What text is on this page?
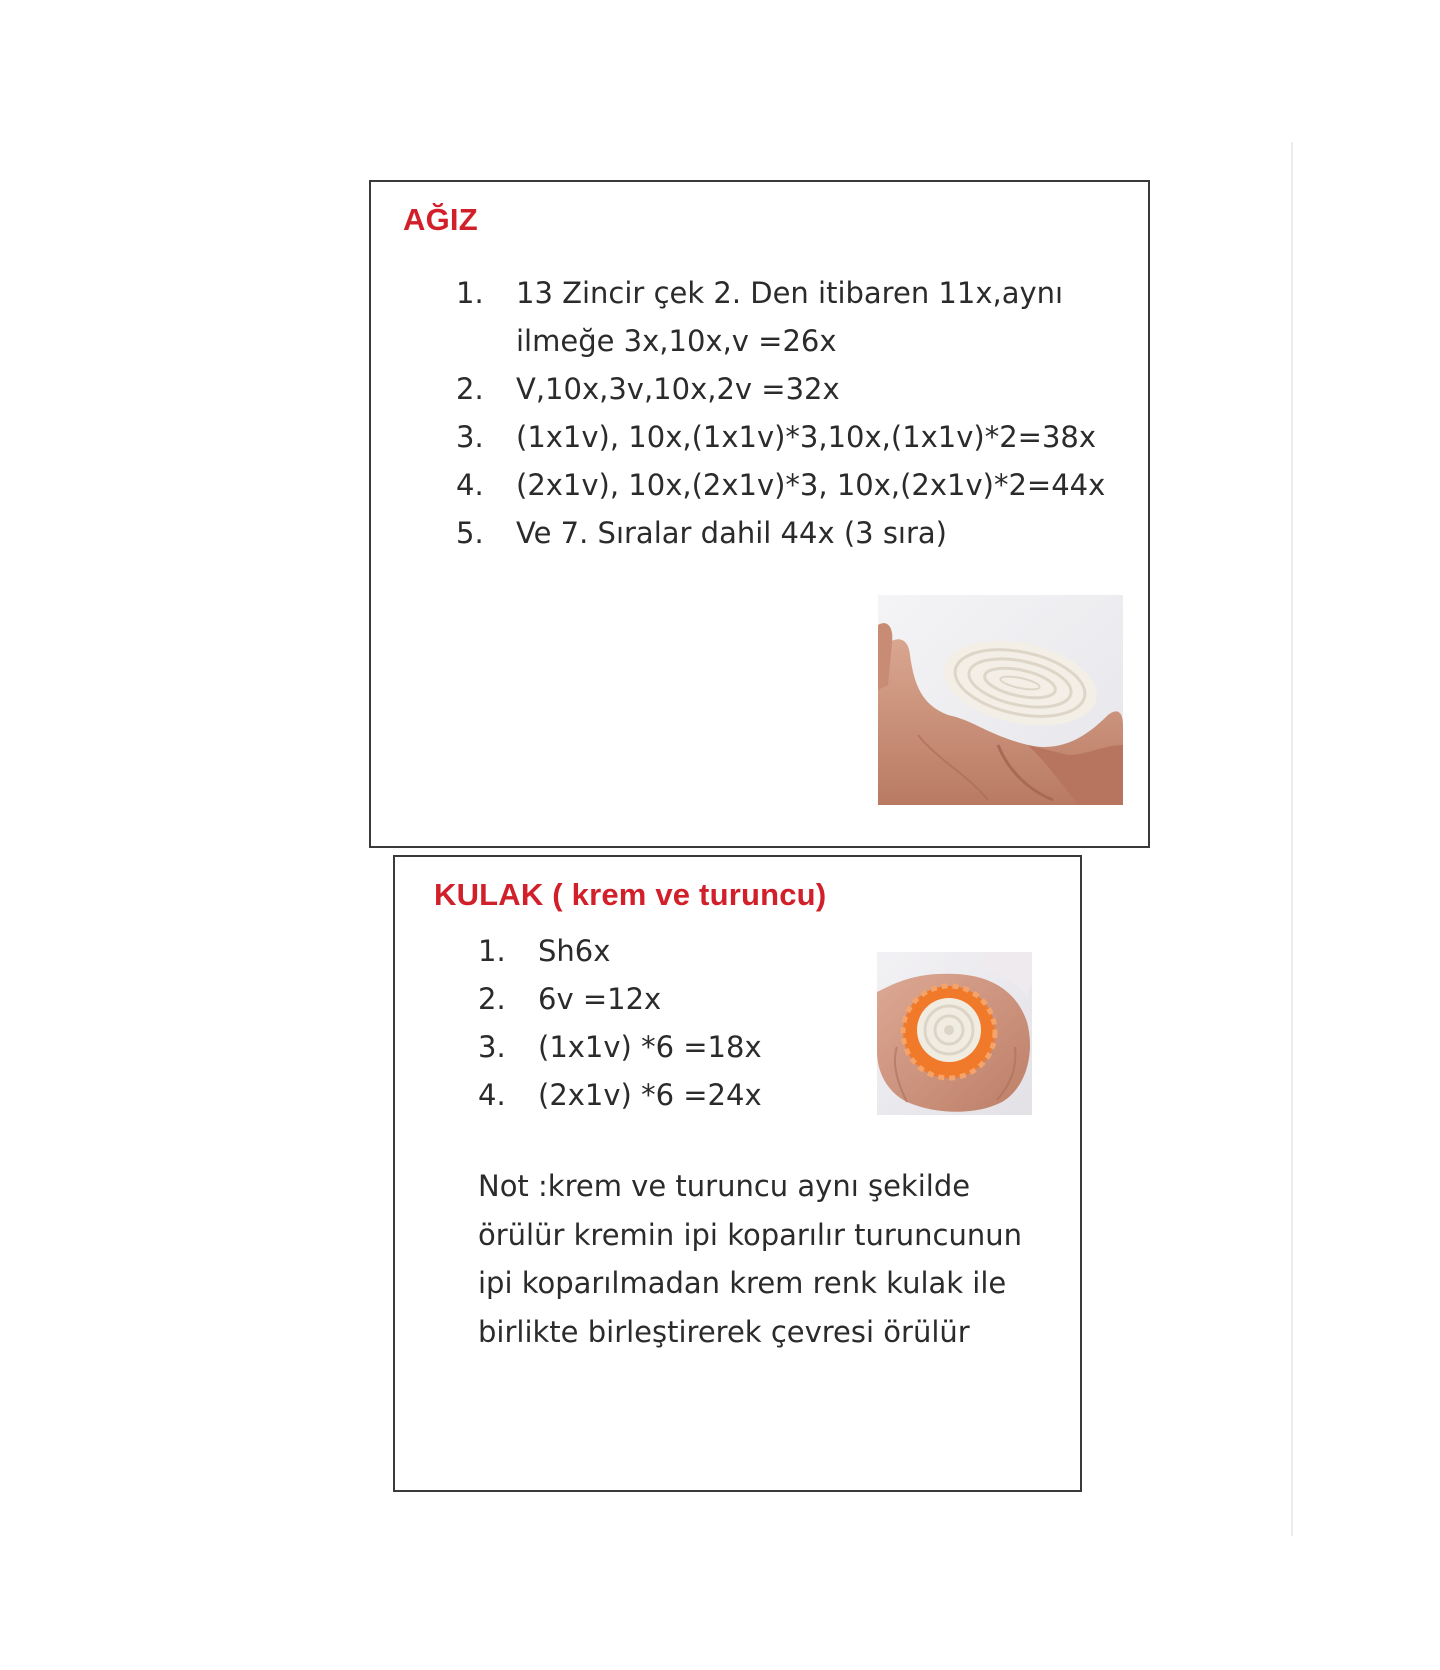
AĞIZ
1.	13 Zincir çek 2. Den itibaren 11x,aynı ilmeğe 3x,10x,v =26x
2.	V,10x,3v,10x,2v =32x
3.	(1x1v), 10x,(1x1v)*3,10x,(1x1v)*2=38x
4.	(2x1v), 10x,(2x1v)*3, 10x,(2x1v)*2=44x
5.	Ve 7. Sıralar dahil 44x (3 sıra)
KULAK ( krem ve turuncu)
1.	Sh6x
2.	6v =12x
3.	(1x1v) *6 =18x
4.	(2x1v) *6 =24x

Not :krem ve turuncu aynı şekilde örülür kremin ipi koparılır turuncunun ipi koparılmadan krem renk kulak ile birlikte birleştirerek çevresi örülür
